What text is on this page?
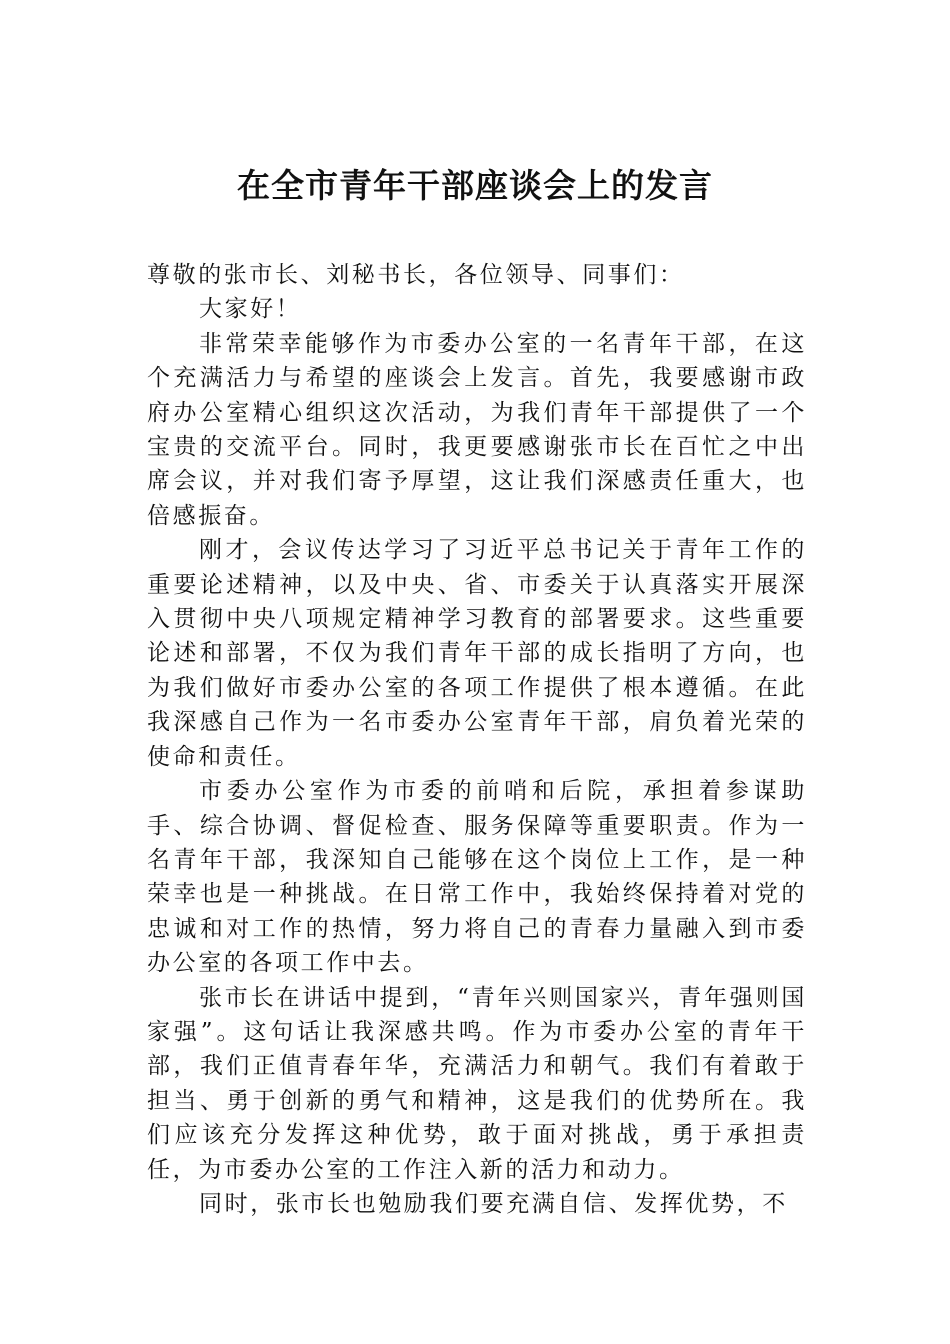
在全市青年干部座谈会上的发言

尊敬的张市长、刘秘书长，各位领导、同事们：

大家好！

非常荣幸能够作为市委办公室的一名青年干部，在这个充满活力与希望的座谈会上发言。首先，我要感谢市政府办公室精心组织这次活动，为我们青年干部提供了一个宝贵的交流平台。同时，我更要感谢张市长在百忙之中出席会议，并对我们寄予厚望，这让我们深感责任重大，也倍感振奋。

刚才，会议传达学习了习近平总书记关于青年工作的重要论述精神，以及中央、省、市委关于认真落实开展深入贯彻中央八项规定精神学习教育的部署要求。这些重要论述和部署，不仅为我们青年干部的成长指明了方向，也为我们做好市委办公室的各项工作提供了根本遵循。在此我深感自己作为一名市委办公室青年干部，肩负着光荣的使命和责任。

市委办公室作为市委的前哨和后院，承担着参谋助手、综合协调、督促检查、服务保障等重要职责。作为一名青年干部，我深知自己能够在这个岗位上工作，是一种荣幸也是一种挑战。在日常工作中，我始终保持着对党的忠诚和对工作的热情，努力将自己的青春力量融入到市委办公室的各项工作中去。

张市长在讲话中提到，“青年兴则国家兴，青年强则国家强”。这句话让我深感共鸣。作为市委办公室的青年干部，我们正值青春年华，充满活力和朝气。我们有着敢于担当、勇于创新的勇气和精神，这是我们的优势所在。我们应该充分发挥这种优势，敢于面对挑战，勇于承担责任，为市委办公室的工作注入新的活力和动力。

同时，张市长也勉励我们要充满自信、发挥优势，不
